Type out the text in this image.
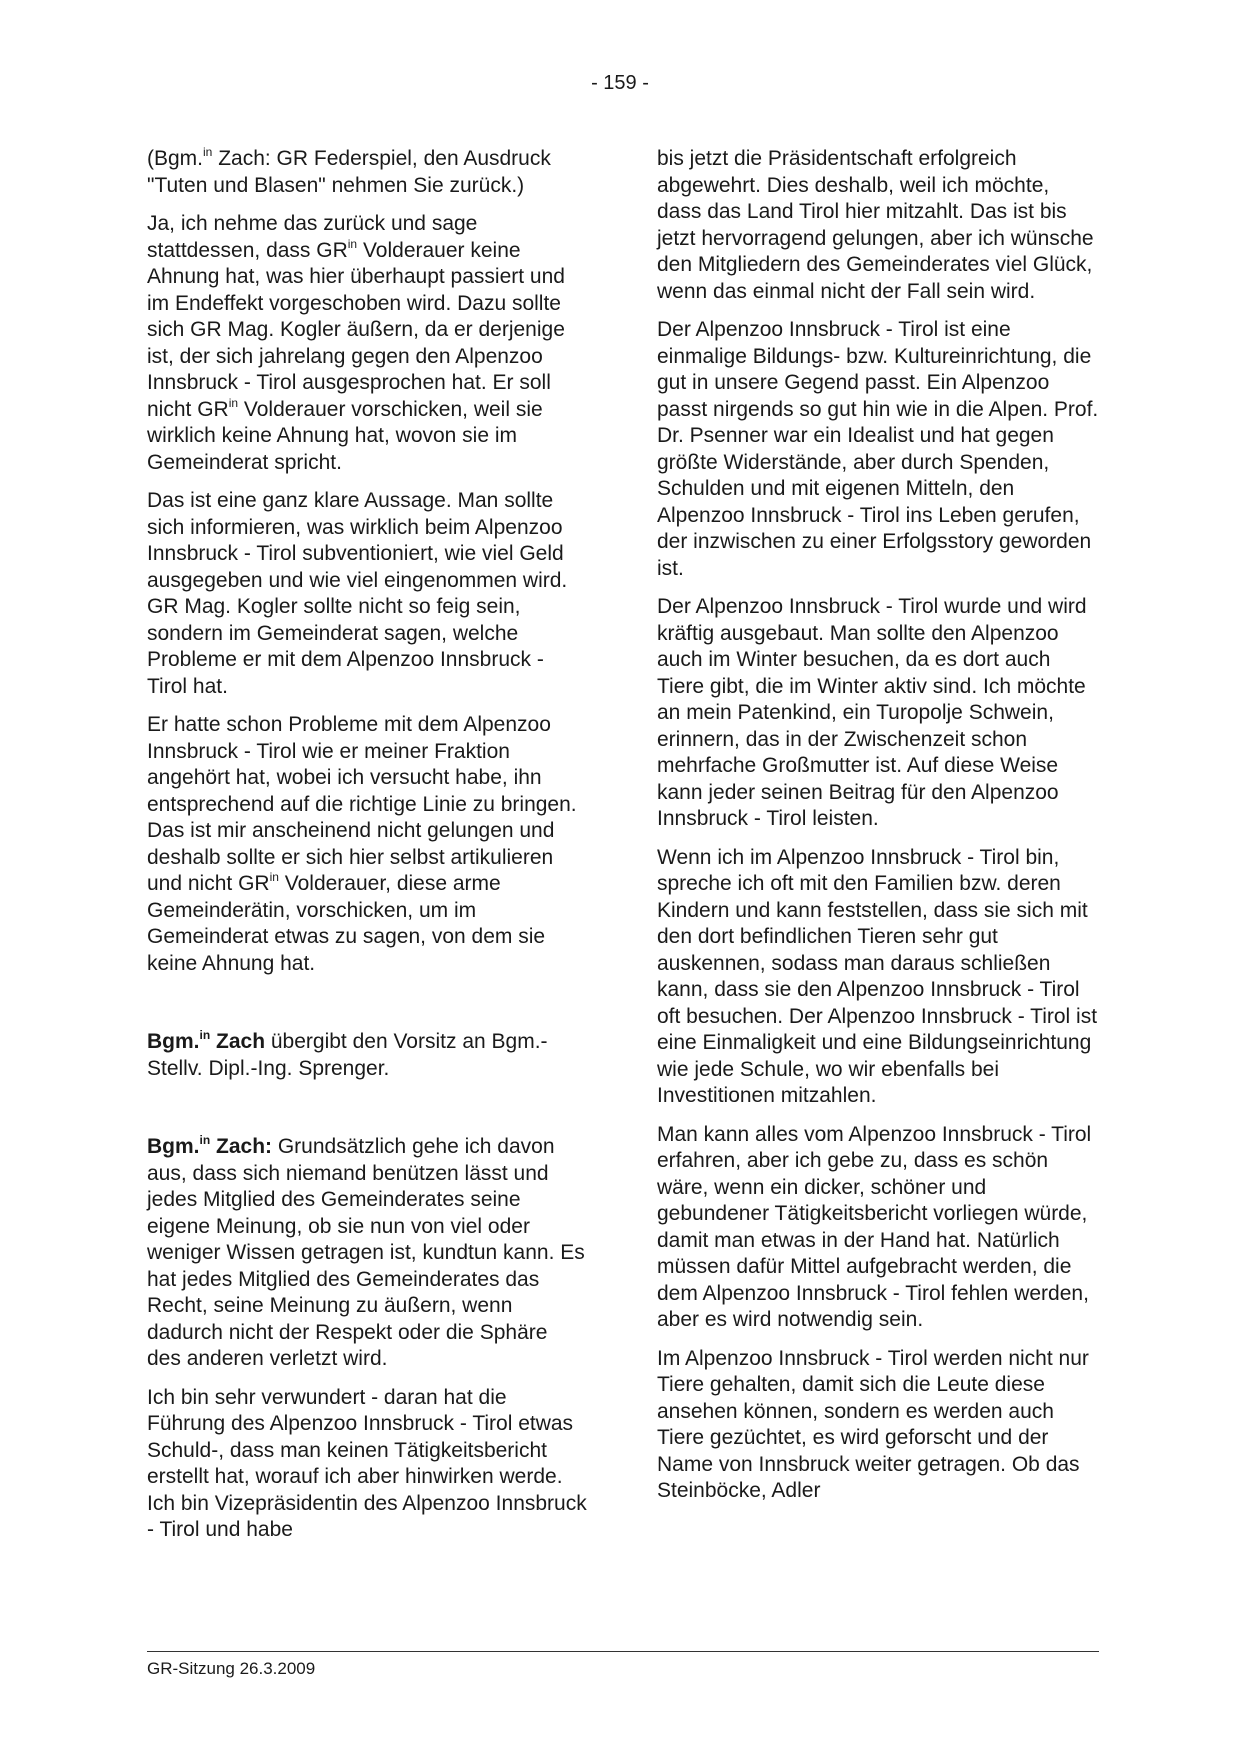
- 159 -

(Bgm.$^{in}$ Zach: GR Federspiel, den Ausdruck "Tuten und Blasen" nehmen Sie zurück.)

Ja, ich nehme das zurück und sage stattdessen, dass $GR^{in}$ Volderauer keine Ahnung hat, was hier überhaupt passiert und im Endeffekt vorgeschoben wird. Dazu sollte sich GR Mag. Kogler äußern, da er derjenige ist, der sich jahrelang gegen den Alpenzoo Innsbruck - Tirol ausgesprochen hat. Er soll nicht $GR^{in}$ Volderauer vorschicken, weil sie wirklich keine Ahnung hat, wovon sie im Gemeinderat spricht.

Das ist eine ganz klare Aussage. Man sollte sich informieren, was wirklich beim Alpenzoo Innsbruck - Tirol subventioniert, wie viel Geld ausgegeben und wie viel eingenommen wird. GR Mag. Kogler sollte nicht so feig sein, sondern im Gemeinderat sagen, welche Probleme er mit dem Alpenzoo Innsbruck - Tirol hat.

Er hatte schon Probleme mit dem Alpenzoo Innsbruck - Tirol wie er meiner Fraktion angehört hat, wobei ich versucht habe, ihn entsprechend auf die richtige Linie zu bringen. Das ist mir anscheinend nicht gelungen und deshalb sollte er sich hier selbst artikulieren und nicht $GR^{in}$ Volderauer, diese arme Gemeinderätin, vorschicken, um im Gemeinderat etwas zu sagen, von dem sie keine Ahnung hat.

Bgm.$^{in}$ Zach übergibt den Vorsitz an Bgm.-Stellv. Dipl.-Ing. Sprenger.

Bgm.$^{in}$ Zach: Grundsätzlich gehe ich davon aus, dass sich niemand benützen lässt und jedes Mitglied des Gemeinderates seine eigene Meinung, ob sie nun von viel oder weniger Wissen getragen ist, kundtun kann. Es hat jedes Mitglied des Gemeinderates das Recht, seine Meinung zu äußern, wenn dadurch nicht der Respekt oder die Sphäre des anderen verletzt wird.

Ich bin sehr verwundert - daran hat die Führung des Alpenzoo Innsbruck - Tirol etwas Schuld-, dass man keinen Tätigkeitsbericht erstellt hat, worauf ich aber hinwirken werde. Ich bin Vizepräsidentin des Alpenzoo Innsbruck - Tirol und habe

bis jetzt die Präsidentschaft erfolgreich abgewehrt. Dies deshalb, weil ich möchte, dass das Land Tirol hier mitzahlt. Das ist bis jetzt hervorragend gelungen, aber ich wünsche den Mitgliedern des Gemeinderates viel Glück, wenn das einmal nicht der Fall sein wird.

Der Alpenzoo Innsbruck - Tirol ist eine einmalige Bildungs- bzw. Kultureinrichtung, die gut in unsere Gegend passt. Ein Alpenzoo passt nirgends so gut hin wie in die Alpen. Prof. Dr. Psenner war ein Idealist und hat gegen größte Widerstände, aber durch Spenden, Schulden und mit eigenen Mitteln, den Alpenzoo Innsbruck - Tirol ins Leben gerufen, der inzwischen zu einer Erfolgsstory geworden ist.

Der Alpenzoo Innsbruck - Tirol wurde und wird kräftig ausgebaut. Man sollte den Alpenzoo auch im Winter besuchen, da es dort auch Tiere gibt, die im Winter aktiv sind. Ich möchte an mein Patenkind, ein Turopolje Schwein, erinnern, das in der Zwischenzeit schon mehrfache Großmutter ist. Auf diese Weise kann jeder seinen Beitrag für den Alpenzoo Innsbruck - Tirol leisten.

Wenn ich im Alpenzoo Innsbruck - Tirol bin, spreche ich oft mit den Familien bzw. deren Kindern und kann feststellen, dass sie sich mit den dort befindlichen Tieren sehr gut auskennen, sodass man daraus schließen kann, dass sie den Alpenzoo Innsbruck - Tirol oft besuchen. Der Alpenzoo Innsbruck - Tirol ist eine Einmaligkeit und eine Bildungseinrichtung wie jede Schule, wo wir ebenfalls bei Investitionen mitzahlen.

Man kann alles vom Alpenzoo Innsbruck - Tirol erfahren, aber ich gebe zu, dass es schön wäre, wenn ein dicker, schöner und gebundener Tätigkeitsbericht vorliegen würde, damit man etwas in der Hand hat. Natürlich müssen dafür Mittel aufgebracht werden, die dem Alpenzoo Innsbruck - Tirol fehlen werden, aber es wird notwendig sein.

Im Alpenzoo Innsbruck - Tirol werden nicht nur Tiere gehalten, damit sich die Leute diese ansehen können, sondern es werden auch Tiere gezüchtet, es wird geforscht und der Name von Innsbruck weiter getragen. Ob das Steinböcke, Adler

GR-Sitzung 26.3.2009
